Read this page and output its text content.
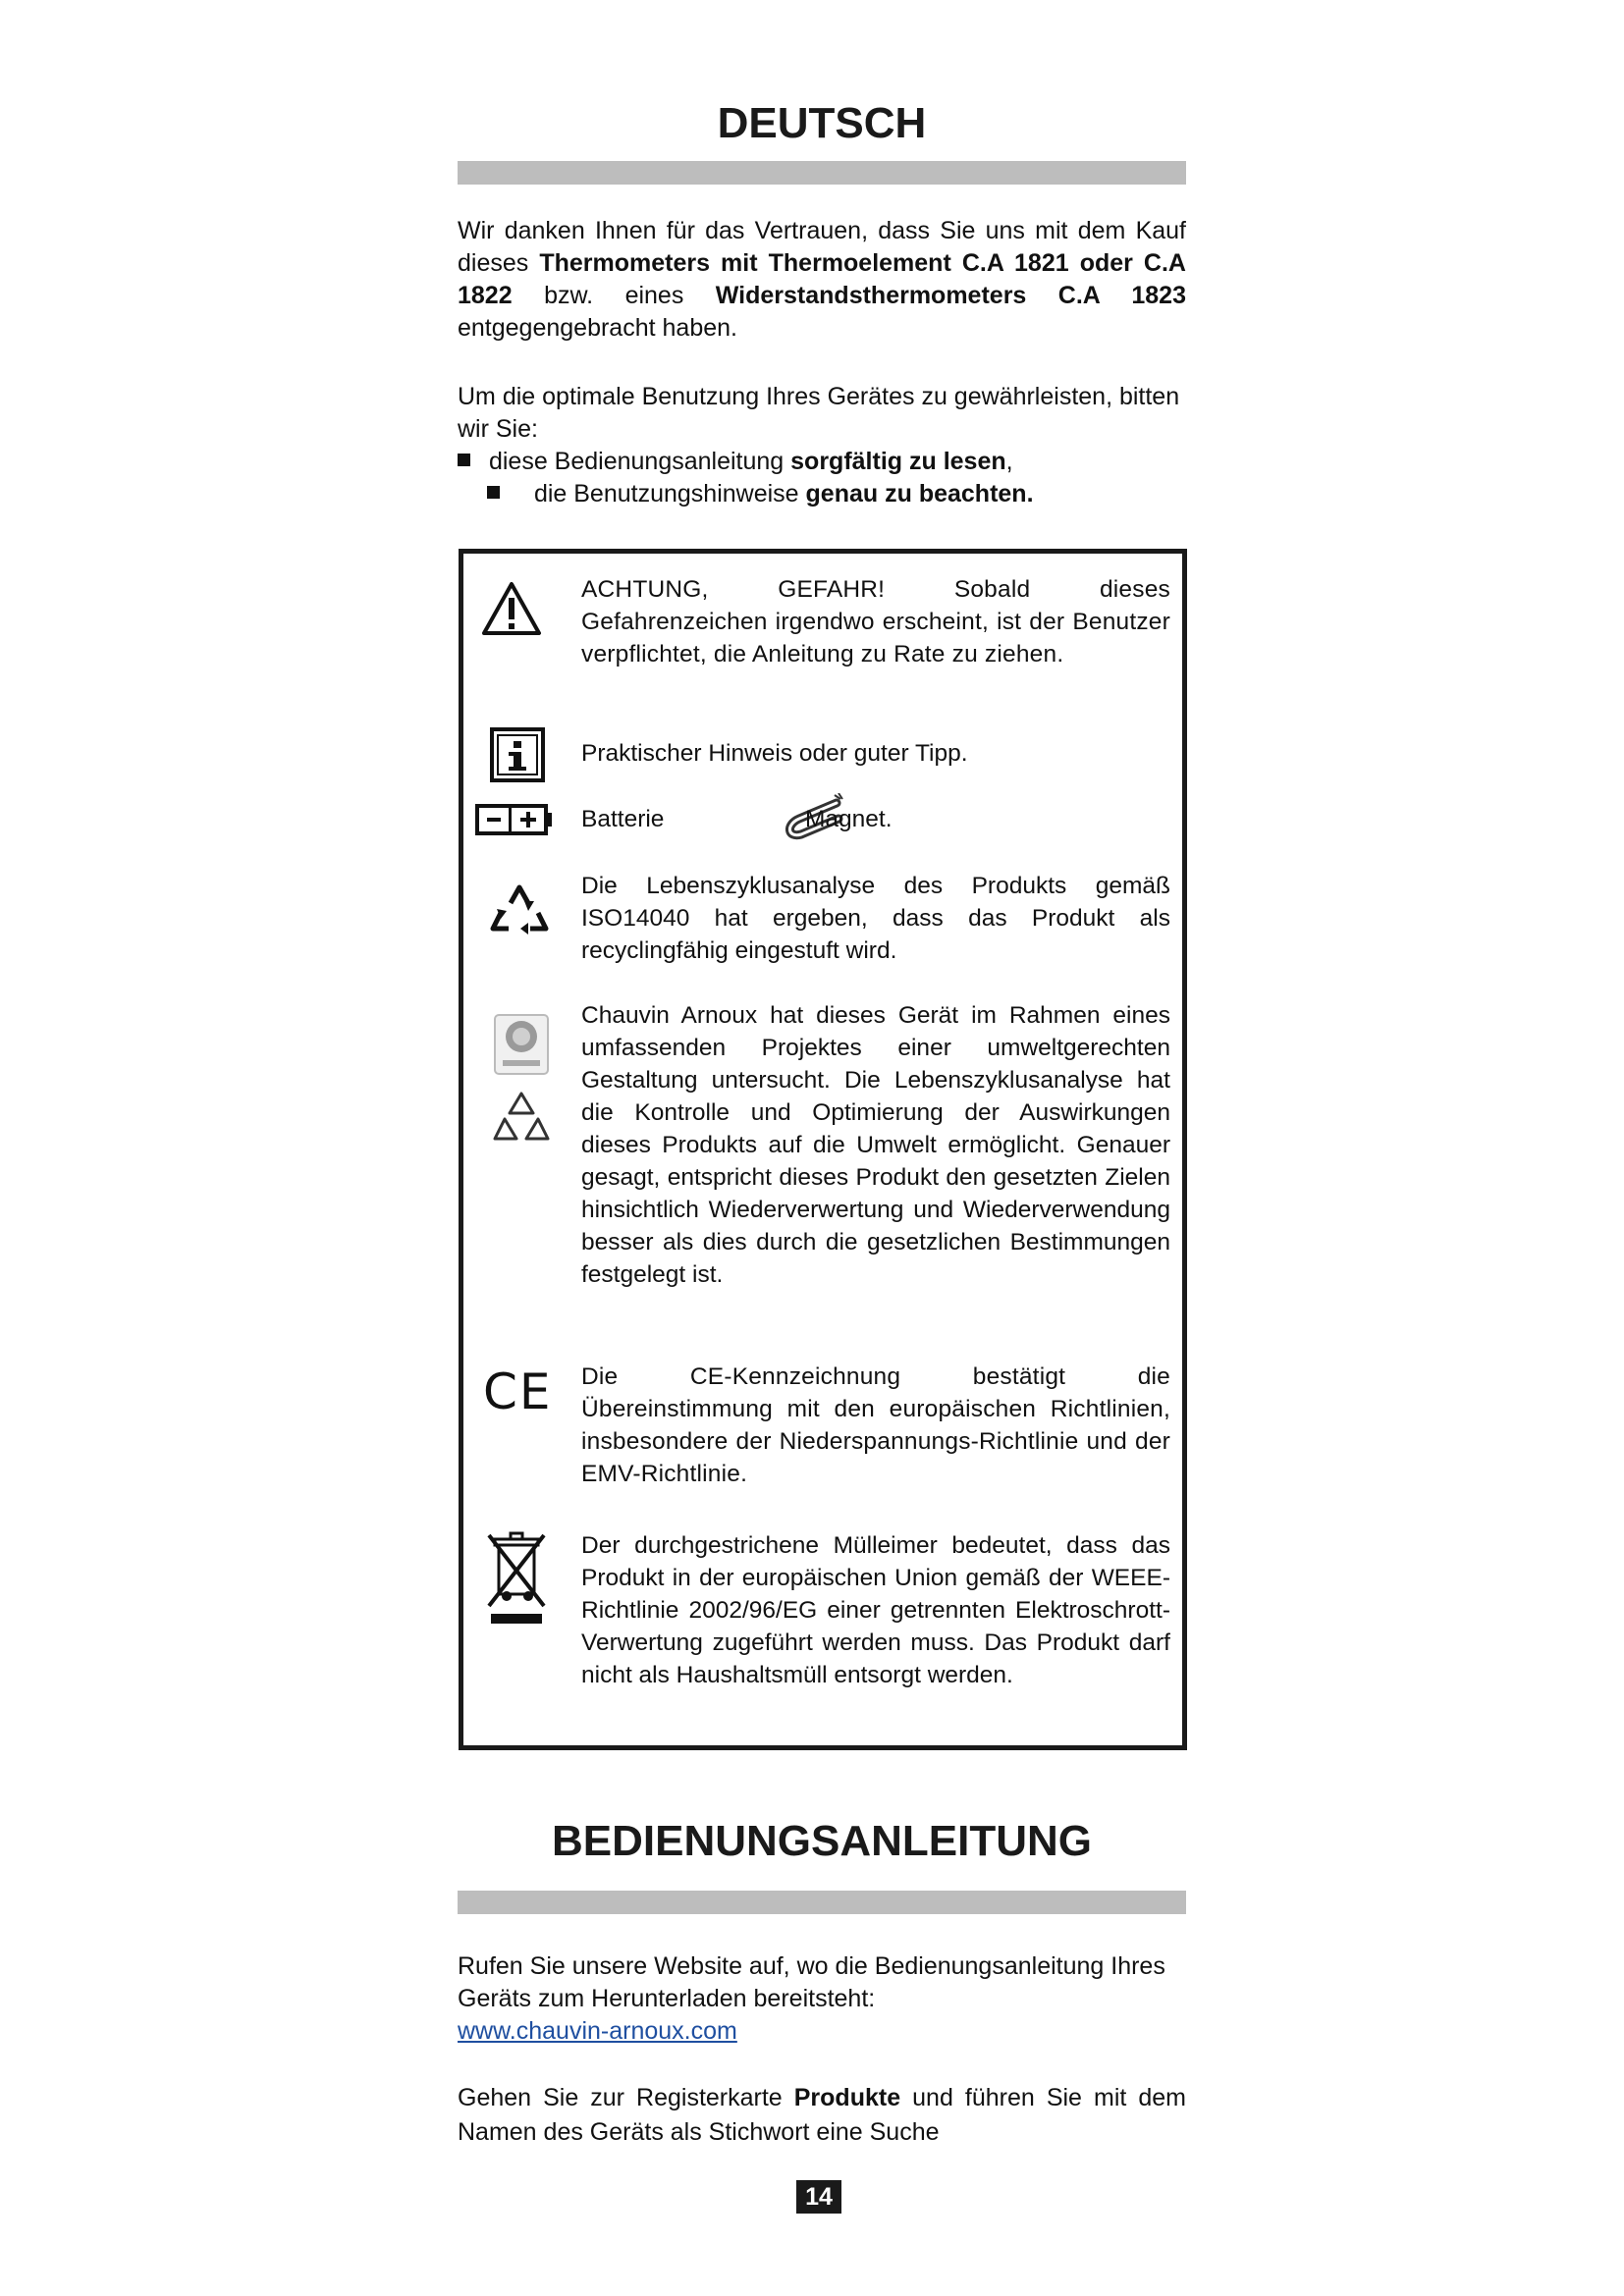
DEUTSCH

Wir danken Ihnen für das Vertrauen, dass Sie uns mit dem Kauf dieses Thermometers mit Thermoelement C.A 1821 oder C.A 1822 bzw. eines Widerstandsthermometers C.A 1823 entgegengebracht haben.

Um die optimale Benutzung Ihres Gerätes zu gewährleisten, bitten wir Sie:

diese Bedienungsanleitung sorgfältig zu lesen,
die Benutzungshinweise genau zu beachten.

ACHTUNG, GEFAHR! Sobald dieses Gefahrenzeichen irgendwo erscheint, ist der Benutzer verpflichtet, die Anleitung zu Rate zu ziehen.

Praktischer Hinweis oder guter Tipp.

Batterie	Magnet.

Die Lebenszyklusanalyse des Produkts gemäß ISO14040 hat ergeben, dass das Produkt als recyclingfähig eingestuft wird.

Chauvin Arnoux hat dieses Gerät im Rahmen eines umfassenden Projektes einer umweltgerechten Gestaltung untersucht. Die Lebenszyklusanalyse hat die Kontrolle und Optimierung der Auswirkungen dieses Produkts auf die Umwelt ermöglicht. Genauer gesagt, entspricht dieses Produkt den gesetzten Zielen hinsichtlich Wiederverwertung und Wiederverwendung besser als dies durch die gesetzlichen Bestimmungen festgelegt ist.

CE Die CE-Kennzeichnung bestätigt die Übereinstimmung mit den europäischen Richtlinien, insbesondere der Niederspannungs-Richtlinie und der EMV-Richtlinie.

Der durchgestrichene Mülleimer bedeutet, dass das Produkt in der europäischen Union gemäß der WEEE-Richtlinie 2002/96/EG einer getrennten Elektroschrott-Verwertung zugeführt werden muss. Das Produkt darf nicht als Haushaltsmüll entsorgt werden.

BEDIENUNGSANLEITUNG

Rufen Sie unsere Website auf, wo die Bedienungsanleitung Ihres Geräts zum Herunterladen bereitsteht:

www.chauvin-arnoux.com

Gehen Sie zur Registerkarte Produkte und führen Sie mit dem Namen des Geräts als Stichwort eine Suche

14
